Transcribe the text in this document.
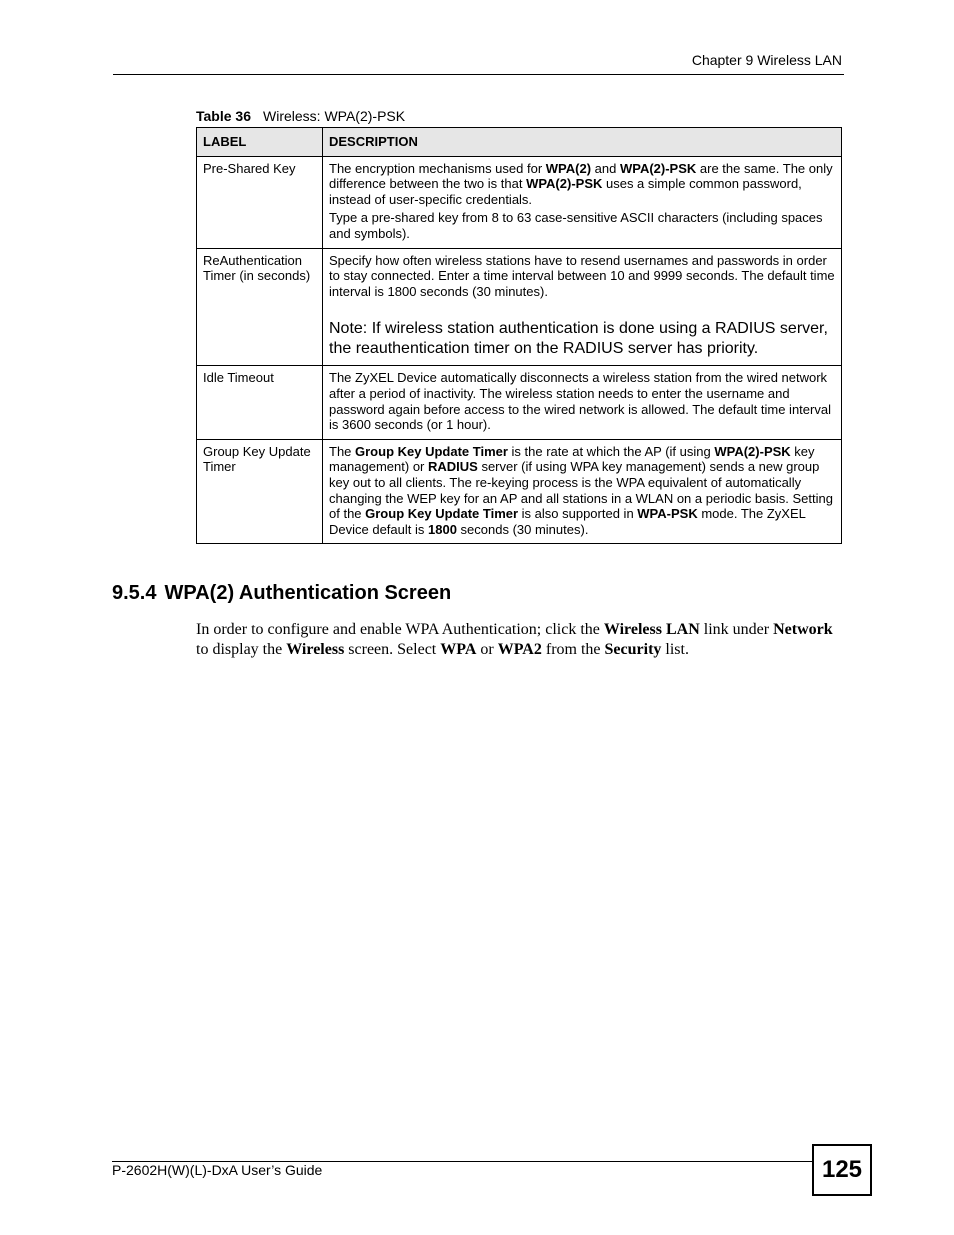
Chapter 9 Wireless LAN
Table 36 Wireless: WPA(2)-PSK
LABEL	DESCRIPTION
Pre-Shared Key	The encryption mechanisms used for WPA(2) and WPA(2)-PSK are the same. The only difference between the two is that WPA(2)-PSK uses a simple common password, instead of user-specific credentials.

Type a pre-shared key from 8 to 63 case-sensitive ASCII characters (including spaces and symbols).

ReAuthentication Timer (in seconds)	Specify how often wireless stations have to resend usernames and passwords in order to stay connected. Enter a time interval between 10 and 9999 seconds. The default time interval is 1800 seconds (30 minutes).

Note: If wireless station authentication is done using a RADIUS server, the reauthentication timer on the RADIUS server has priority.

Idle Timeout	The ZyXEL Device automatically disconnects a wireless station from the wired network after a period of inactivity. The wireless station needs to enter the username and password again before access to the wired network is allowed. The default time interval is 3600 seconds (or 1 hour).

Group Key Update Timer	The Group Key Update Timer is the rate at which the AP (if using WPA(2)-PSK key management) or RADIUS server (if using WPA key management) sends a new group key out to all clients. The re-keying process is the WPA equivalent of automatically changing the WEP key for an AP and all stations in a WLAN on a periodic basis. Setting of the Group Key Update Timer is also supported in WPA-PSK mode. The ZyXEL Device default is 1800 seconds (30 minutes).

9.5.4 WPA(2) Authentication Screen
In order to configure and enable WPA Authentication; click the Wireless LAN link under Network to display the Wireless screen. Select WPA or WPA2 from the Security list.
P-2602H(W)(L)-DxA User’s Guide	125
